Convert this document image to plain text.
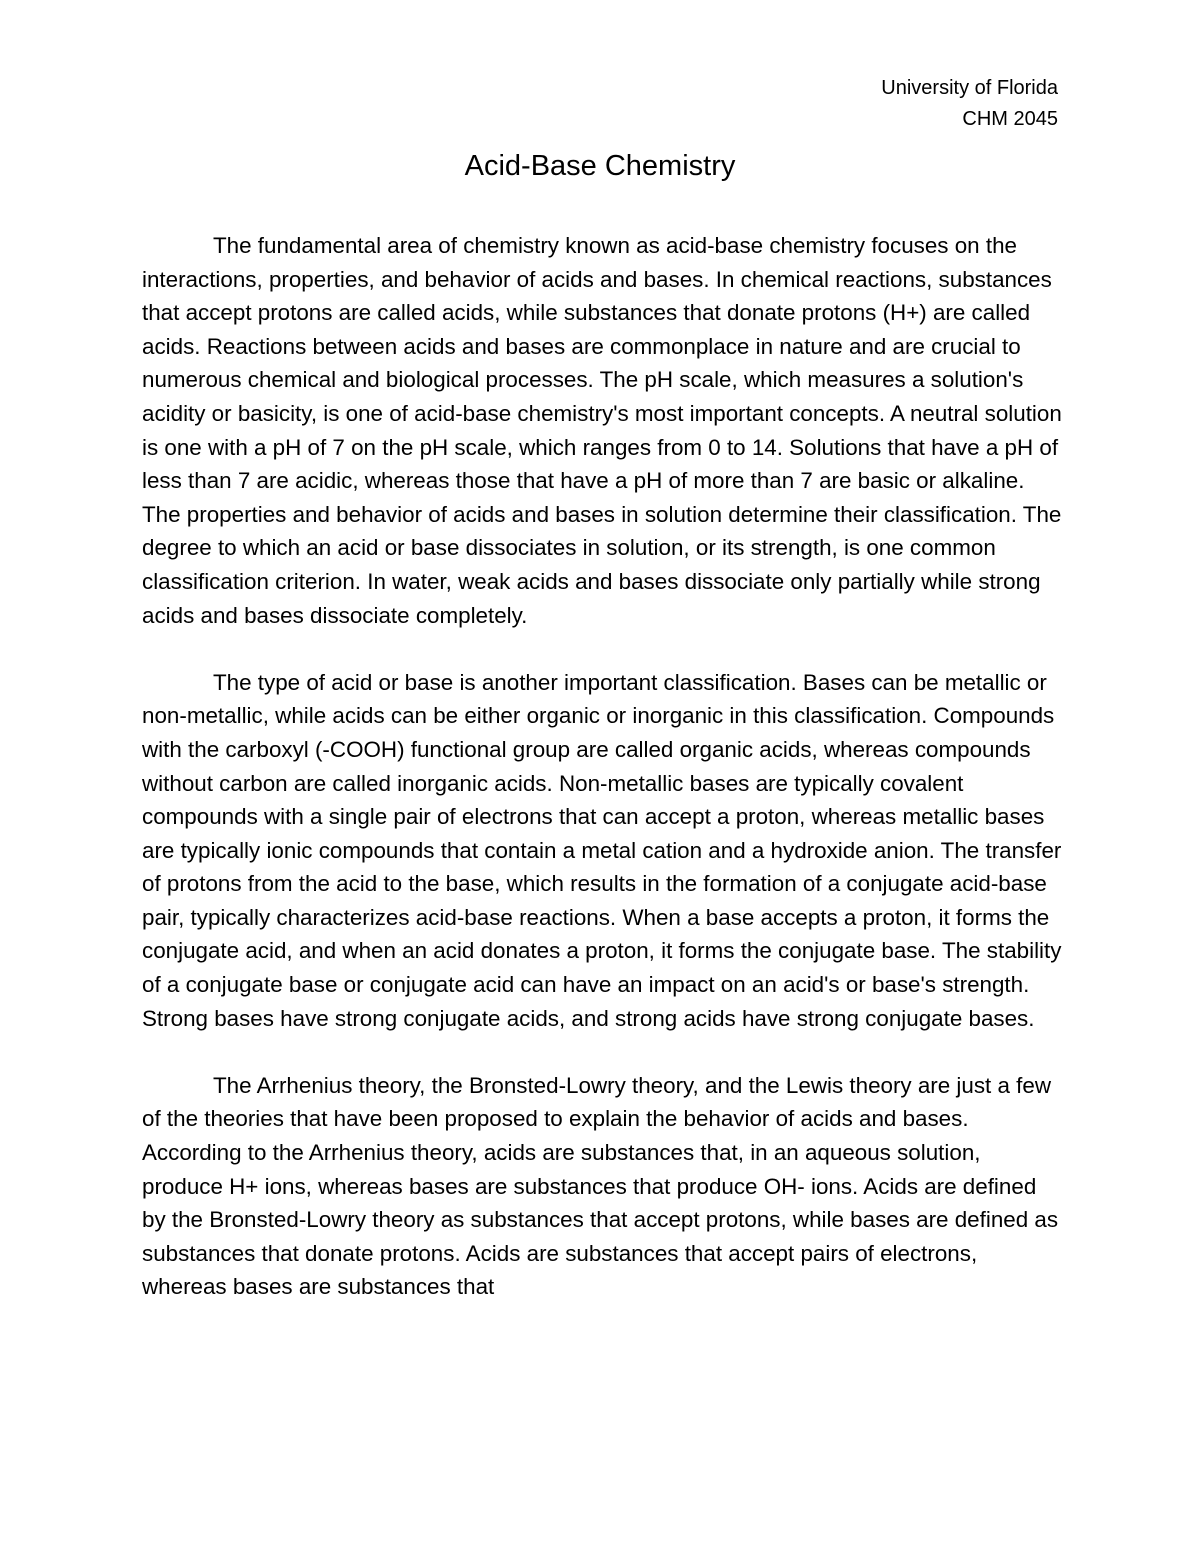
University of Florida
CHM 2045
Acid-Base Chemistry

The fundamental area of chemistry known as acid-base chemistry focuses on the interactions, properties, and behavior of acids and bases. In chemical reactions, substances that accept protons are called acids, while substances that donate protons (H+) are called acids. Reactions between acids and bases are commonplace in nature and are crucial to numerous chemical and biological processes. The pH scale, which measures a solution's acidity or basicity, is one of acid-base chemistry's most important concepts. A neutral solution is one with a pH of 7 on the pH scale, which ranges from 0 to 14. Solutions that have a pH of less than 7 are acidic, whereas those that have a pH of more than 7 are basic or alkaline. The properties and behavior of acids and bases in solution determine their classification. The degree to which an acid or base dissociates in solution, or its strength, is one common classification criterion. In water, weak acids and bases dissociate only partially while strong acids and bases dissociate completely.

The type of acid or base is another important classification. Bases can be metallic or non-metallic, while acids can be either organic or inorganic in this classification. Compounds with the carboxyl (-COOH) functional group are called organic acids, whereas compounds without carbon are called inorganic acids. Non-metallic bases are typically covalent compounds with a single pair of electrons that can accept a proton, whereas metallic bases are typically ionic compounds that contain a metal cation and a hydroxide anion. The transfer of protons from the acid to the base, which results in the formation of a conjugate acid-base pair, typically characterizes acid-base reactions. When a base accepts a proton, it forms the conjugate acid, and when an acid donates a proton, it forms the conjugate base. The stability of a conjugate base or conjugate acid can have an impact on an acid's or base's strength. Strong bases have strong conjugate acids, and strong acids have strong conjugate bases.

The Arrhenius theory, the Bronsted-Lowry theory, and the Lewis theory are just a few of the theories that have been proposed to explain the behavior of acids and bases. According to the Arrhenius theory, acids are substances that, in an aqueous solution, produce H+ ions, whereas bases are substances that produce OH- ions. Acids are defined by the Bronsted-Lowry theory as substances that accept protons, while bases are defined as substances that donate protons. Acids are substances that accept pairs of electrons, whereas bases are substances that
